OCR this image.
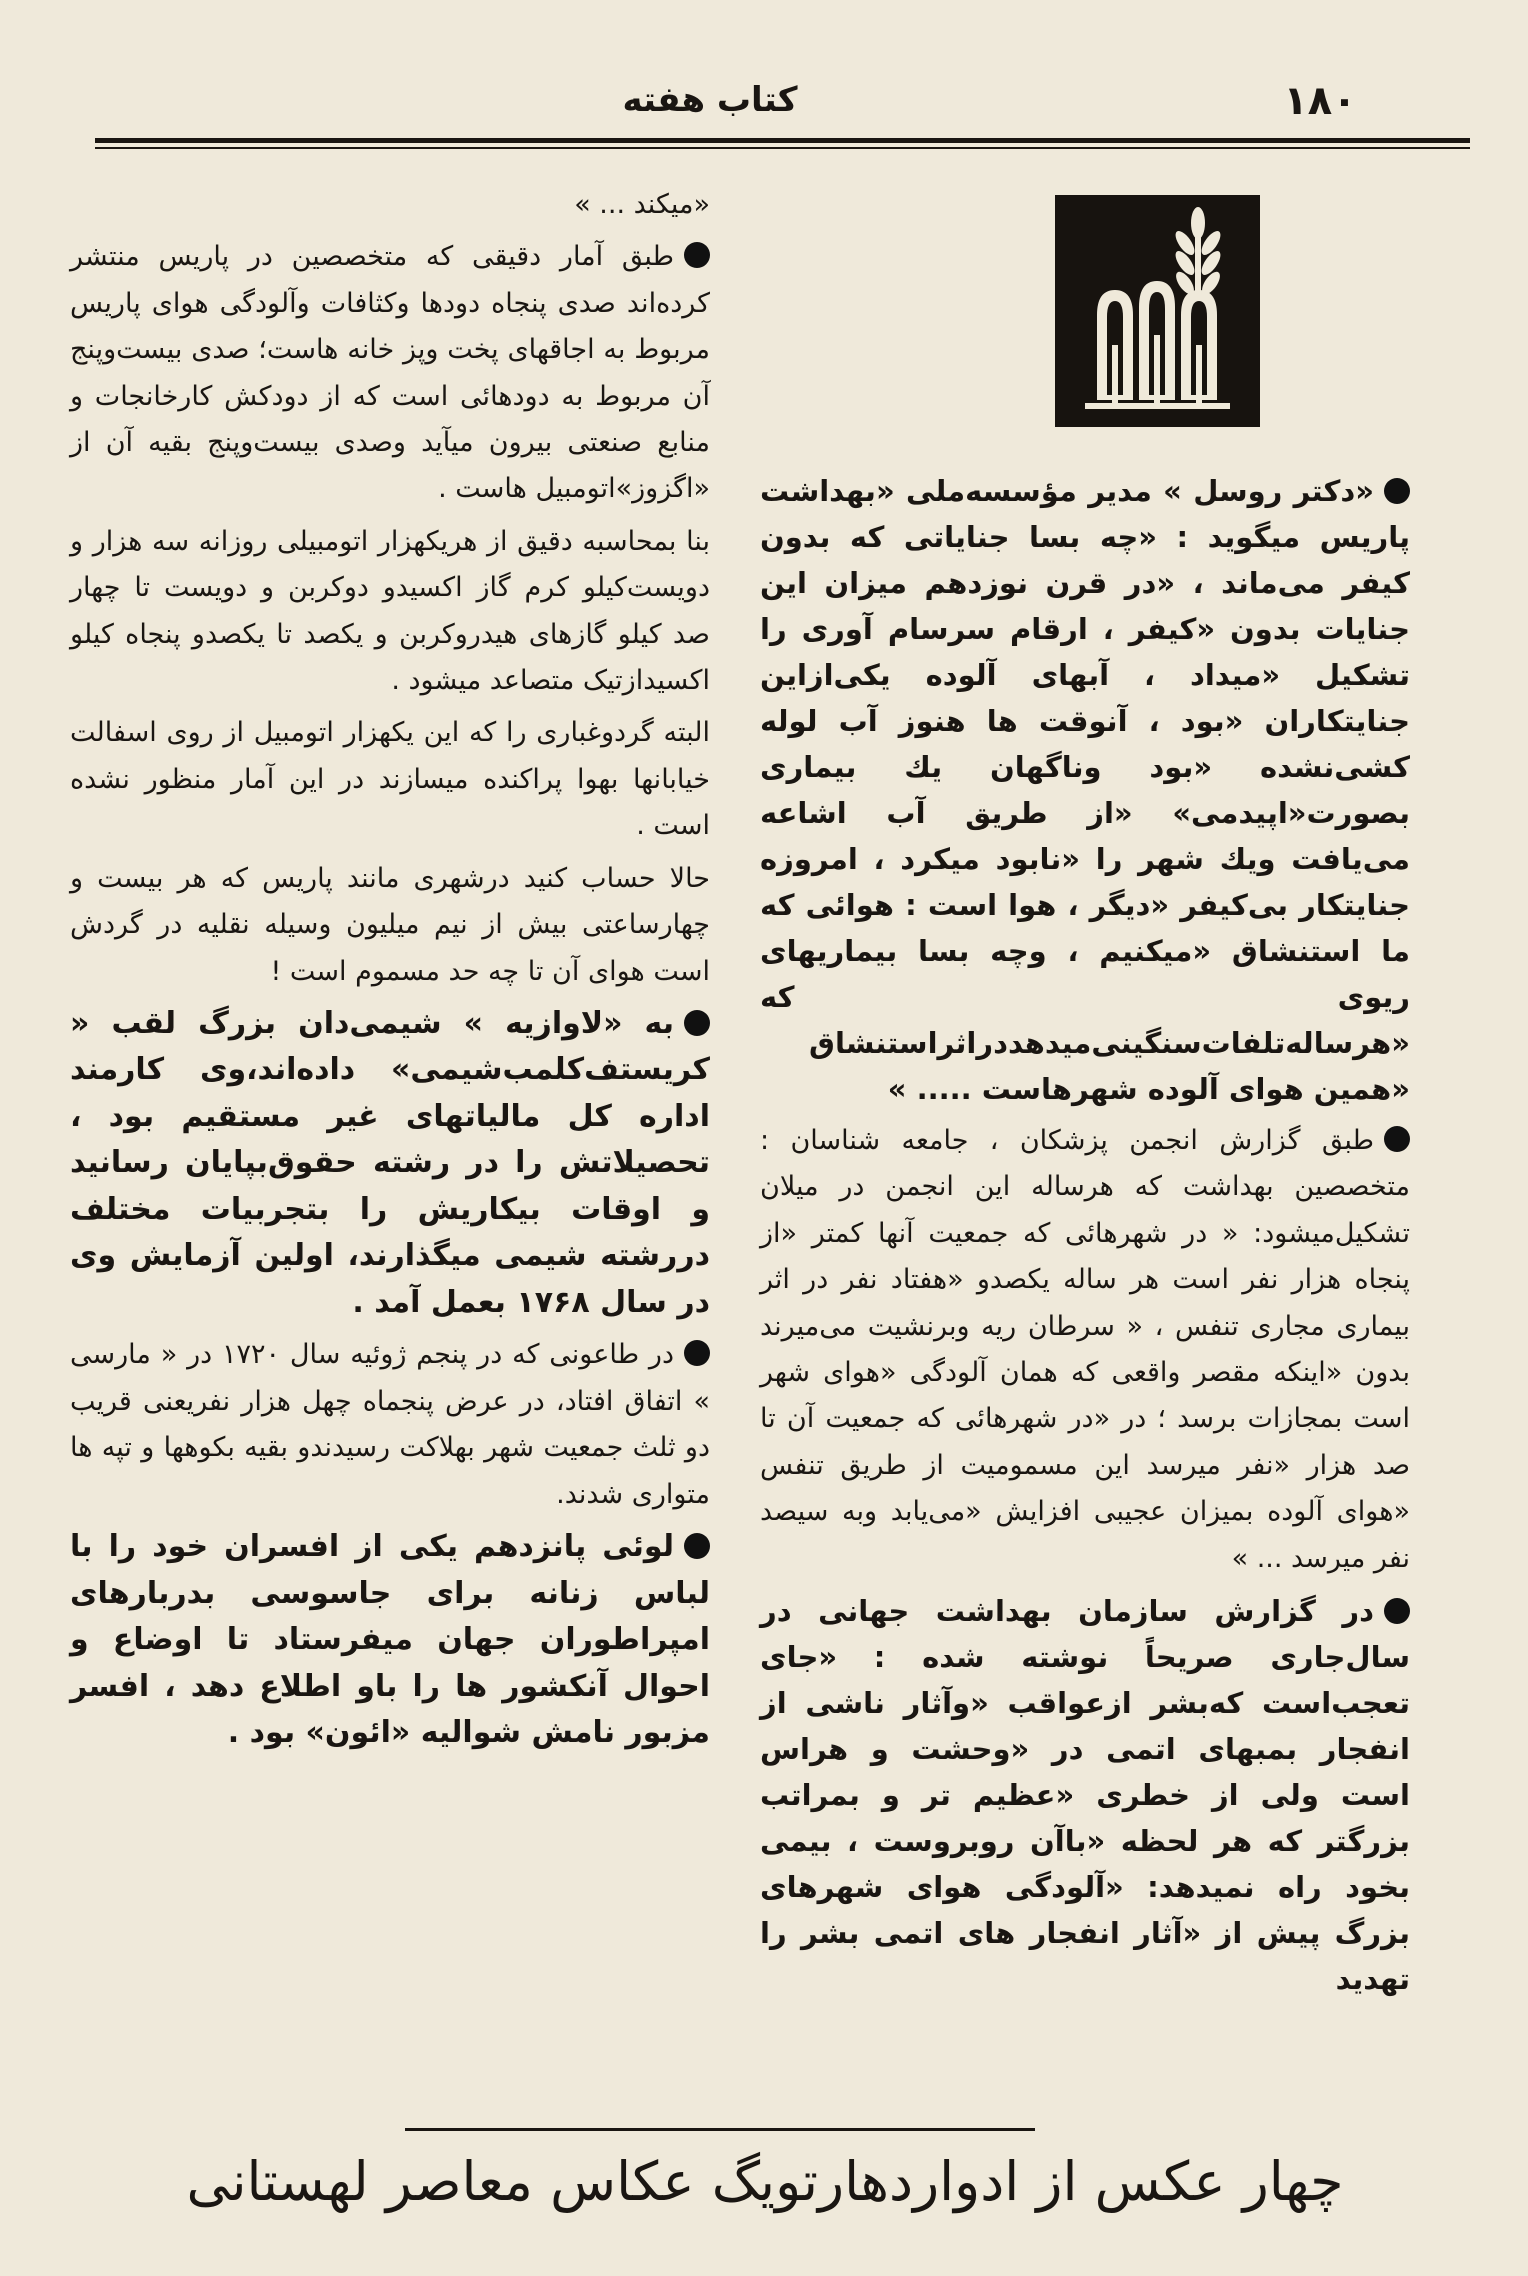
کتاب هفته	۱۸۰

«میکند ... »

طبق آمار دقیقی که متخصصین در پاریس منتشر کرده‌اند صدی پنجاه دودها وکثافات وآلودگی هوای پاریس مربوط به اجاقهای پخت وپز خانه هاست؛ صدی بیست‌وپنج آن مربوط به دودهائی است که از دودکش کارخانجات و منابع صنعتی بیرون میآید وصدی بیست‌وپنج بقیه آن از «اگزوز»اتومبیل هاست .

بنا بمحاسبه دقیق از هریکهزار اتومبیلی روزانه سه هزار و دویست‌کیلو کرم گاز اکسیدو دوکربن و دویست تا چهار صد کیلو گازهای هیدروکربن و یکصد تا یکصدو پنجاه کیلو اکسیدازتیک متصاعد میشود .

البته گردوغباری را که این یکهزار اتومبیل از روی اسفالت خیابانها بهوا پراکنده میسازند در این آمار منظور نشده است .

حالا حساب کنید درشهری مانند پاریس که هر بیست و چهارساعتی بیش از نیم میلیون وسیله نقلیه در گردش است هوای آن تا چه حد مسموم است !

به «لاوازیه » شیمی‌دان بزرگ لقب « کریستف‌کلمب‌شیمی» داده‌اند،وی کارمند اداره کل مالیاتهای غیر مستقیم بود ، تحصیلاتش را در رشته حقوق‌بپایان رسانید و اوقات بیکاریش را بتجربیات مختلف دررشته شیمی میگذارند، اولین آزمایش وی در سال ۱۷۶۸ بعمل آمد .

در طاعونی که در پنجم ژوئیه سال ۱۷۲۰ در « مارسی » اتفاق افتاد، در عرض پنجماه چهل هزار نفریعنی قریب دو ثلث جمعیت شهر بهلاکت رسیدندو بقیه بکوهها و تپه ها متواری شدند.

لوئی پانزدهم یکی از افسران خود را با لباس زنانه برای جاسوسی بدربارهای امپراطوران جهان میفرستاد تا اوضاع و احوال آنکشور ها را باو اطلاع دهد ، افسر مزبور نامش شوالیه «ائون» بود .

«دکتر روسل » مدیر مؤسسه‌ملی «بهداشت پاریس میگوید : «چه بسا جنایاتی که بدون کیفر می‌ماند ، «در قرن نوزدهم میزان این جنایات بدون «کیفر ، ارقام سرسام آوری را تشکیل «میداد ، آبهای آلوده یکی‌ازاین جنایتکاران «بود ، آنوقت ها هنوز آب لوله کشی‌نشده «بود وناگهان یك بیماری بصورت«اپیدمی» «از طریق آب اشاعه می‌یافت ویك شهر را «نابود میکرد ، امروزه جنایتکار بی‌کیفر «دیگر ، هوا است : هوائی که ما استنشاق «میکنیم ، وچه بسا بیماریهای ریوی که «هرساله‌تلفات‌سنگینی‌میدهددراثراستنشاق «همین هوای آلوده شهرهاست ..... »

طبق گزارش انجمن پزشکان ، جامعه شناسان : متخصصین بهداشت که هرساله این انجمن در میلان تشکیل‌میشود: « در شهرهائی که جمعیت آنها کمتر «از پنجاه هزار نفر است هر ساله یکصدو «هفتاد نفر در اثر بیماری مجاری تنفس ، « سرطان ریه وبرنشیت می‌میرند بدون «اینکه مقصر واقعی که همان آلودگی «هوای شهر است بمجازات برسد ؛ در «در شهرهائی که جمعیت آن تا صد هزار «نفر میرسد این مسمومیت از طریق تنفس «هوای آلوده بمیزان عجیبی افزایش «می‌یابد وبه سیصد نفر میرسد ... »

در گزارش سازمان بهداشت جهانی در سال‌جاری صریحاً نوشته شده : «جای تعجب‌است که‌بشر ازعواقب «وآثار ناشی از انفجار بمبهای اتمی در «وحشت و هراس است ولی از خطری «عظیم تر و بمراتب بزرگتر که هر لحظه «باآن روبروست ، بیمی بخود راه نمیدهد: «آلودگی هوای شهرهای بزرگ پیش از «آثار انفجار های اتمی بشر را تهدید

چهار عکس از ادواردهارتویگ عکاس معاصر لهستانی
